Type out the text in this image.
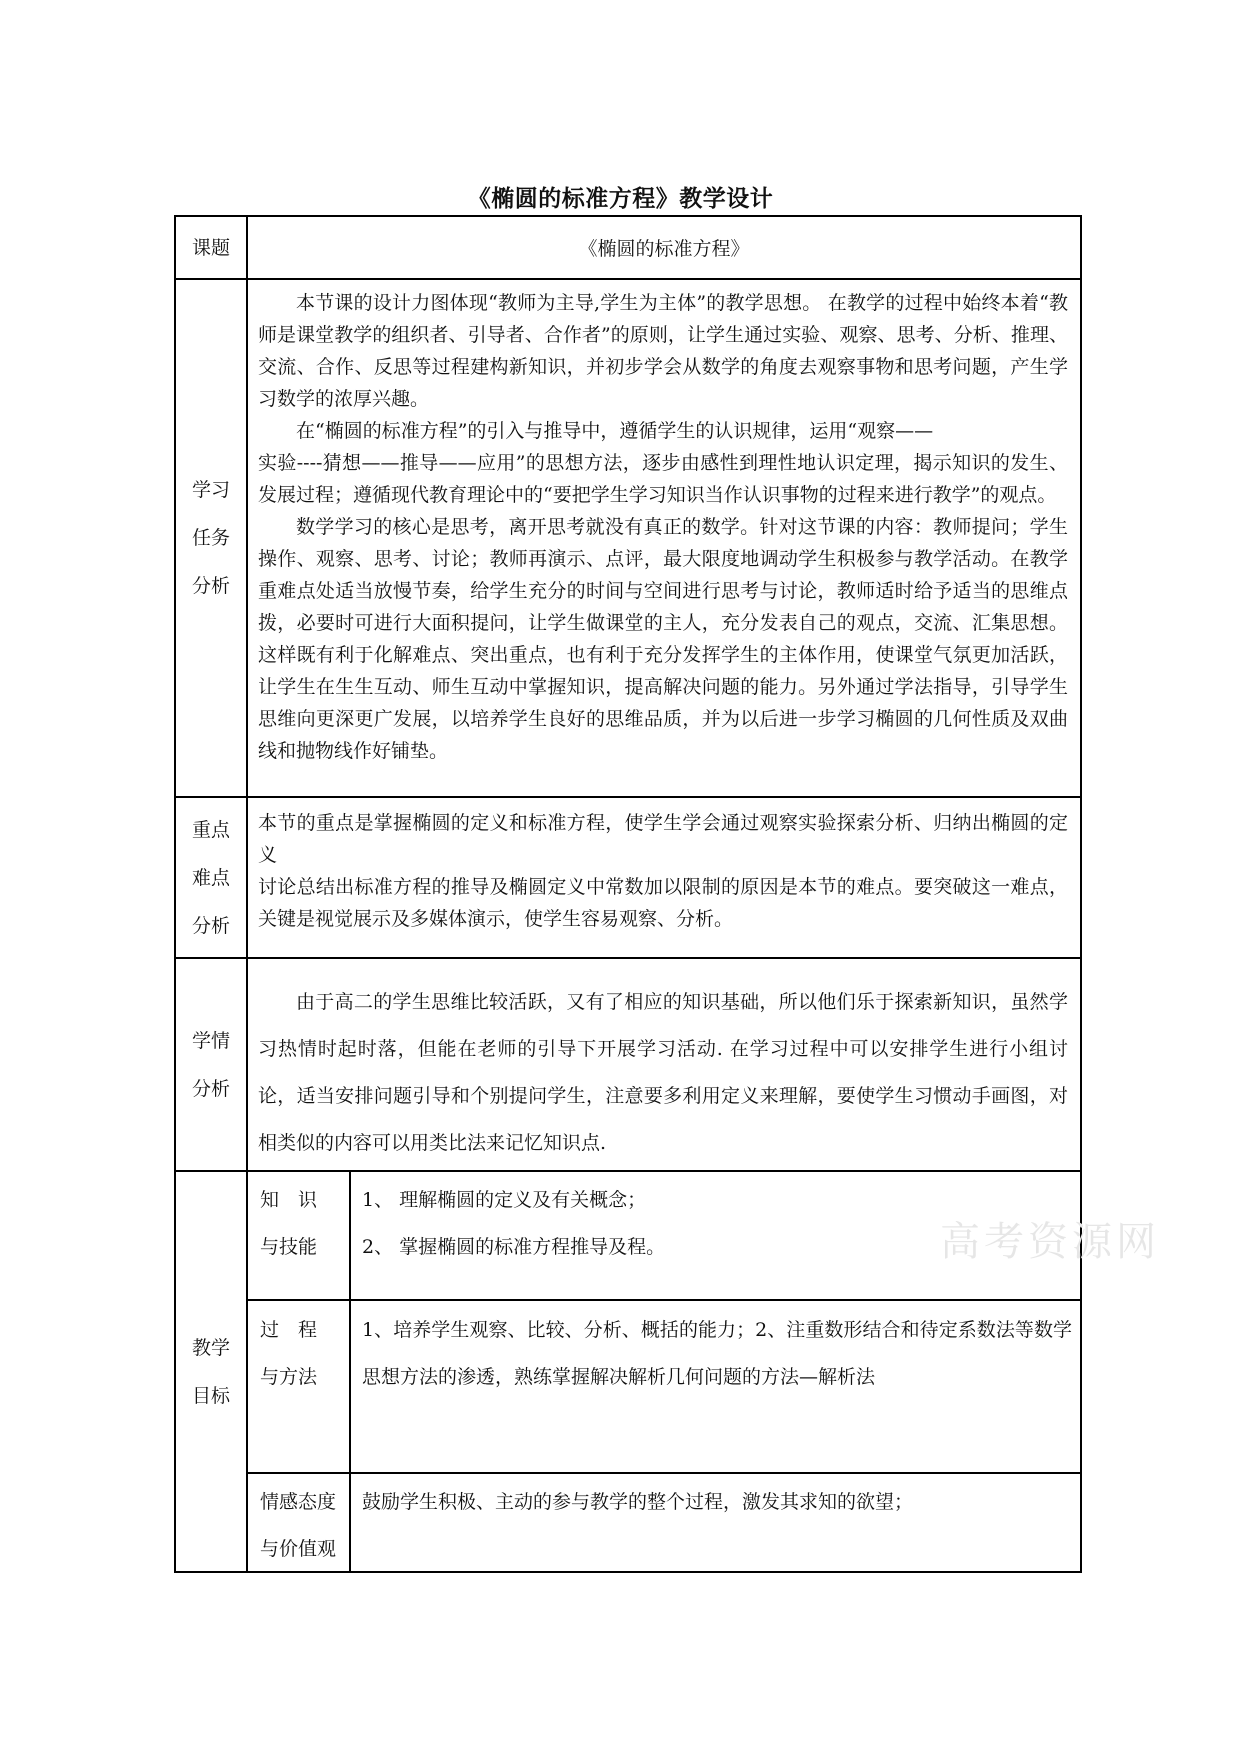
《椭圆的标准方程》教学设计
课题	《椭圆的标准方程》
学习
任务
分析

本节课的设计力图体现“教师为主导,学生为主体”的教学思想。 在教学的过程中始终本着“教师是课堂教学的组织者、引导者、合作者”的原则，让学生通过实验、观察、思考、分析、推理、交流、合作、反思等过程建构新知识，并初步学会从数学的角度去观察事物和思考问题，产生学习数学的浓厚兴趣。

在“椭圆的标准方程”的引入与推导中，遵循学生的认识规律，运用“观察——

实验----猜想——推导——应用”的思想方法，逐步由感性到理性地认识定理，揭示知识的发生、发展过程；遵循现代教育理论中的“要把学生学习知识当作认识事物的过程来进行教学”的观点。

数学学习的核心是思考，离开思考就没有真正的数学。针对这节课的内容：教师提问；学生操作、观察、思考、讨论；教师再演示、点评，最大限度地调动学生积极参与教学活动。在教学重难点处适当放慢节奏，给学生充分的时间与空间进行思考与讨论，教师适时给予适当的思维点拨，必要时可进行大面积提问，让学生做课堂的主人，充分发表自己的观点，交流、汇集思想。这样既有利于化解难点、突出重点，也有利于充分发挥学生的主体作用，使课堂气氛更加活跃，让学生在生生互动、师生互动中掌握知识，提高解决问题的能力。另外通过学法指导，引导学生思维向更深更广发展，以培养学生良好的思维品质，并为以后进一步学习椭圆的几何性质及双曲线和抛物线作好铺垫。

重点
难点
分析

本节的重点是掌握椭圆的定义和标准方程，使学生学会通过观察实验探索分析、归纳出椭圆的定义

讨论总结出标准方程的推导及椭圆定义中常数加以限制的原因是本节的难点。要突破这一难点，关键是视觉展示及多媒体演示，使学生容易观察、分析。

学情
分析

由于高二的学生思维比较活跃，又有了相应的知识基础，所以他们乐于探索新知识，虽然学习热情时起时落，但能在老师的引导下开展学习活动. 在学习过程中可以安排学生进行小组讨论，适当安排问题引导和个别提问学生，注意要多利用定义来理解，要使学生习惯动手画图，对相类似的内容可以用类比法来记忆知识点.

教学
目标
知　识
与技能
1、 理解椭圆的定义及有关概念；
2、 掌握椭圆的标准方程推导及程。
过　程
与方法

1、培养学生观察、比较、分析、概括的能力；2、注重数形结合和待定系数法等数学思想方法的渗透，熟练掌握解决解析几何问题的方法—解析法

情感态度
与价值观
鼓励学生积极、主动的参与教学的整个过程，激发其求知的欲望；
高考资源网
